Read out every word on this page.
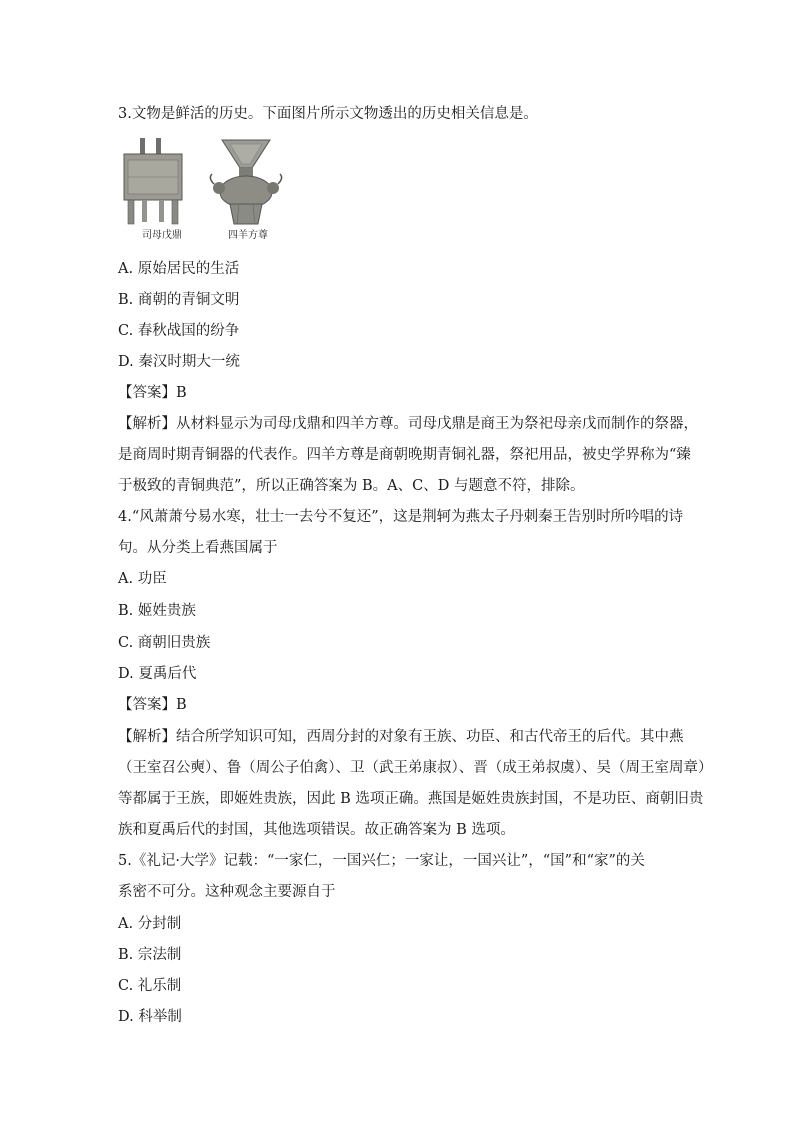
3.文物是鲜活的历史。下面图片所示文物透出的历史相关信息是。
司母戊鼎	四羊方尊
A. 原始居民的生活
B. 商朝的青铜文明
C. 春秋战国的纷争
D. 秦汉时期大一统
【答案】B
【解析】从材料显示为司母戊鼎和四羊方尊。司母戊鼎是商王为祭祀母亲戊而制作的祭器，
是商周时期青铜器的代表作。四羊方尊是商朝晚期青铜礼器，祭祀用品，被史学界称为“臻
于极致的青铜典范”，所以正确答案为 B。A、C、D 与题意不符，排除。
4.“风萧萧兮易水寒，壮士一去兮不复还”，这是荆轲为燕太子丹刺秦王告别时所吟唱的诗
句。从分类上看燕国属于
A. 功臣
B. 姬姓贵族
C. 商朝旧贵族
D. 夏禹后代
【答案】B
【解析】结合所学知识可知，西周分封的对象有王族、功臣、和古代帝王的后代。其中燕
（王室召公奭）、鲁（周公子伯禽）、卫（武王弟康叔）、晋（成王弟叔虞）、吴（周王室周章）
等都属于王族，即姬姓贵族，因此 B 选项正确。燕国是姬姓贵族封国，不是功臣、商朝旧贵
族和夏禹后代的封国，其他选项错误。故正确答案为 B 选项。
5.《礼记·大学》记载：“一家仁，一国兴仁；一家让，一国兴让”，“国”和“家”的关
系密不可分。这种观念主要源自于
A. 分封制
B. 宗法制
C. 礼乐制
D. 科举制
